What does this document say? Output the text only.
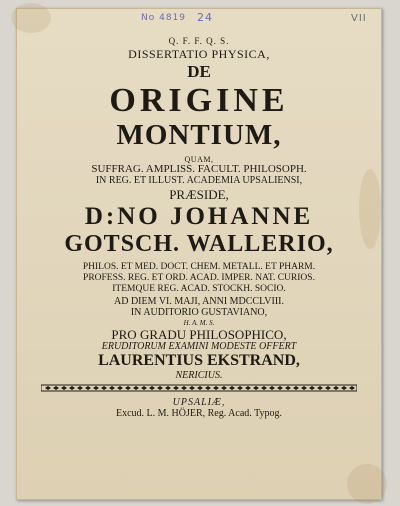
No 4819 24	VII
Q. F. F. Q. S.
DISSERTATIO PHYSICA,
DE
ORIGINE
MONTIUM,
QUAM,
SUFFRAG. AMPLISS. FACULT. PHILOSOPH.
IN REG. ET ILLUST. ACADEMIA UPSALIENSI,
PRÆSIDE,
D:NO JOHANNE
GOTSCH. WALLERIO,
PHILOS. ET MED. DOCT. CHEM. METALL. ET PHARM.
PROFESS. REG. ET ORD. ACAD. IMPER. NAT. CURIOS.
ITEMQUE REG. ACAD. STOCKH. SOCIO.
AD DIEM VI. MAJI, ANNI MDCCLVIII.
IN AUDITORIO GUSTAVIANO,
H. A. M. S.
PRO GRADU PHILOSOPHICO,
ERUDITORUM EXAMINI MODESTE OFFERT
LAURENTIUS EKSTRAND,
NERICIUS.
UPSALIÆ,
Excud. L. M. HÖJER, Reg. Acad. Typog.
